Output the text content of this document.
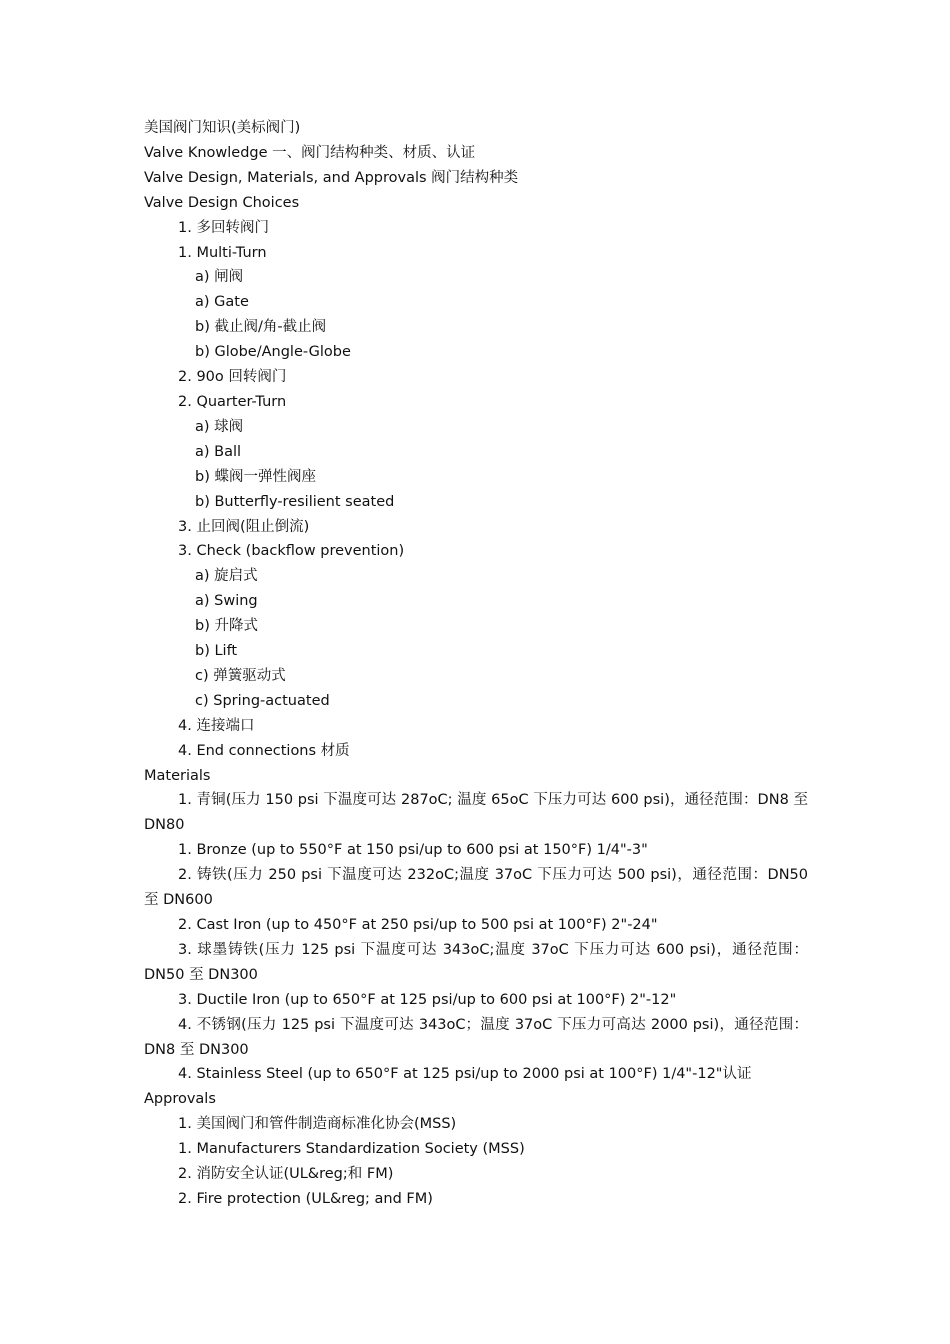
美国阀门知识(美标阀门)

Valve Knowledge 一、阀门结构种类、材质、认证

Valve Design, Materials, and Approvals 阀门结构种类

Valve Design Choices

1. 多回转阀门

1. Multi-Turn

a) 闸阀

a) Gate

b) 截止阀/角-截止阀

b) Globe/Angle-Globe

2. 90o 回转阀门

2. Quarter-Turn

a) 球阀

a) Ball

b) 蝶阀一弹性阀座

b) Butterfly-resilient seated

3. 止回阀(阻止倒流)

3. Check (backflow prevention)

a) 旋启式

a) Swing

b) 升降式

b) Lift

c) 弹簧驱动式

c) Spring-actuated

4. 连接端口

4. End connections 材质

Materials

1. 青铜(压力 150 psi 下温度可达 287oC; 温度 65oC 下压力可达 600 psi)，通径范围：DN8 至 DN80

1. Bronze (up to 550°F at 150 psi/up to 600 psi at 150°F) 1/4"-3"

2. 铸铁(压力 250 psi 下温度可达 232oC;温度 37oC 下压力可达 500 psi)，通径范围：DN50 至 DN600

2. Cast Iron (up to 450°F at 250 psi/up to 500 psi at 100°F) 2"-24"

3. 球墨铸铁(压力 125 psi 下温度可达 343oC;温度 37oC 下压力可达 600 psi)，通径范围：DN50 至 DN300

3. Ductile Iron (up to 650°F at 125 psi/up to 600 psi at 100°F) 2"-12"

4. 不锈钢(压力 125 psi 下温度可达 343oC；温度 37oC 下压力可高达 2000 psi)，通径范围：DN8 至 DN300

4. Stainless Steel (up to 650°F at 125 psi/up to 2000 psi at 100°F) 1/4"-12"认证

Approvals

1. 美国阀门和管件制造商标准化协会(MSS)

1. Manufacturers Standardization Society (MSS)

2. 消防安全认证(UL&reg;和 FM)

2. Fire protection (UL&reg; and FM)
